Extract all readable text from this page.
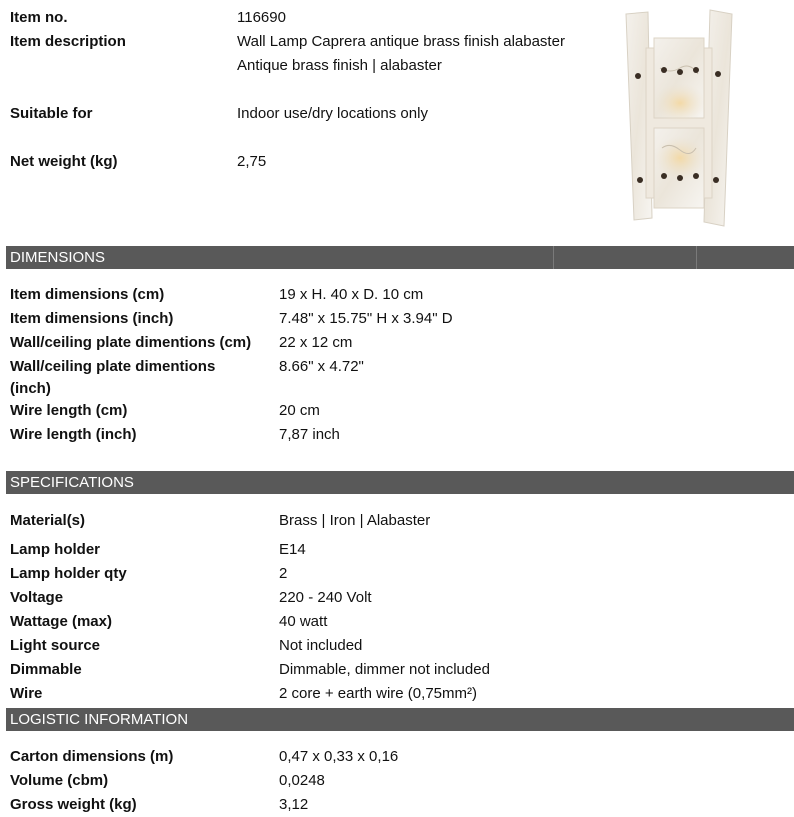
Item no.	116690
Item description	Wall Lamp Caprera antique brass finish alabaster
Antique brass finish | alabaster
Suitable for	Indoor use/dry locations only
Net weight (kg)	2,75
DIMENSIONS
Item dimensions (cm)	19 x H. 40 x D. 10 cm
Item dimensions (inch)	7.48" x 15.75" H x 3.94" D
Wall/ceiling plate dimentions (cm) 22 x 12 cm
Wall/ceiling plate dimentions	8.66" x 4.72"
(inch)
Wire length (cm)	20 cm
Wire length (inch)	7,87 inch
SPECIFICATIONS
Material(s)	Brass | Iron | Alabaster
Lamp holder	E14
Lamp holder qty	2
Voltage	220 - 240 Volt
Wattage (max)	40 watt
Light source	Not included
Dimmable	Dimmable, dimmer not included
Wire	2 core + earth wire (0,75mm²)
LOGISTIC INFORMATION
Carton dimensions (m)	0,47 x 0,33 x 0,16
Volume (cbm)	0,0248
Gross weight (kg)	3,12
